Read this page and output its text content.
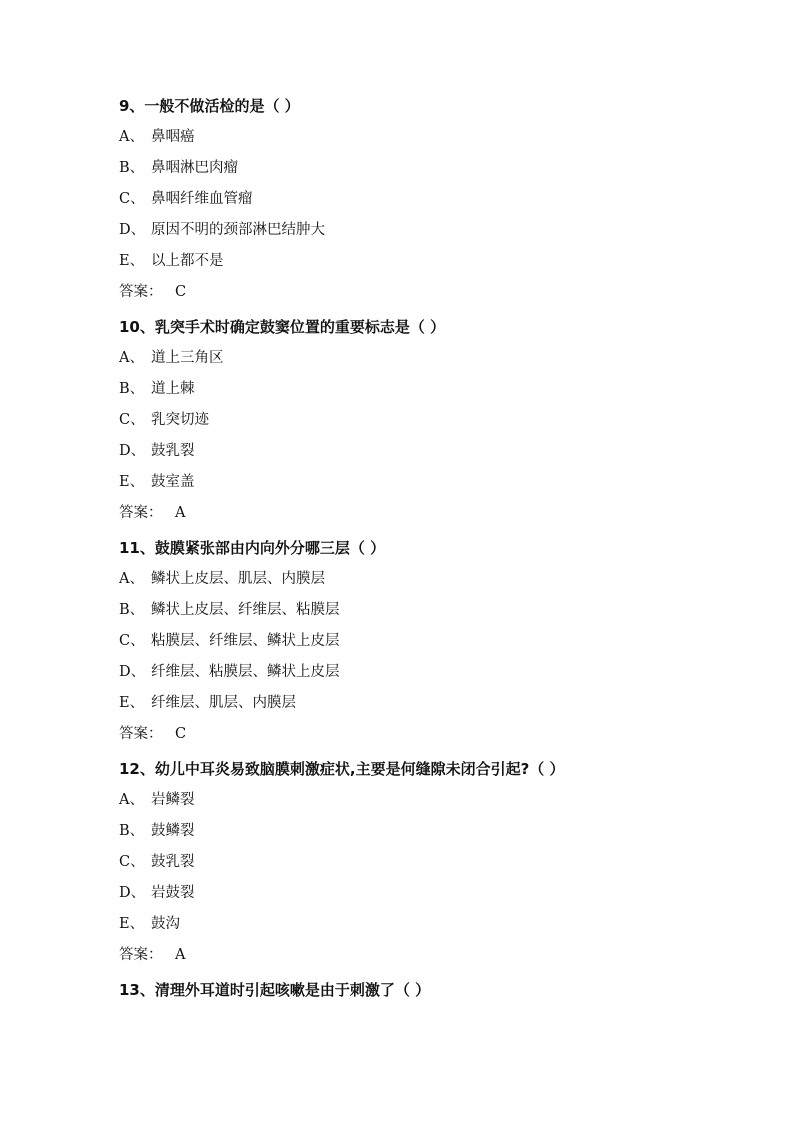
9、一般不做活检的是（ ）
A、 鼻咽癌
B、 鼻咽淋巴肉瘤
C、 鼻咽纤维血管瘤
D、 原因不明的颈部淋巴结肿大
E、 以上都不是
答案： C
10、乳突手术时确定鼓窦位置的重要标志是（ ）
A、 道上三角区
B、 道上棘
C、 乳突切迹
D、 鼓乳裂
E、 鼓室盖
答案： A
11、鼓膜紧张部由内向外分哪三层（ ）
A、 鳞状上皮层、肌层、内膜层
B、 鳞状上皮层、纤维层、粘膜层
C、 粘膜层、纤维层、鳞状上皮层
D、 纤维层、粘膜层、鳞状上皮层
E、 纤维层、肌层、内膜层
答案： C
12、幼儿中耳炎易致脑膜刺激症状,主要是何缝隙未闭合引起?（ ）
A、 岩鳞裂
B、 鼓鳞裂
C、 鼓乳裂
D、 岩鼓裂
E、 鼓沟
答案： A
13、清理外耳道时引起咳嗽是由于刺激了（ ）
